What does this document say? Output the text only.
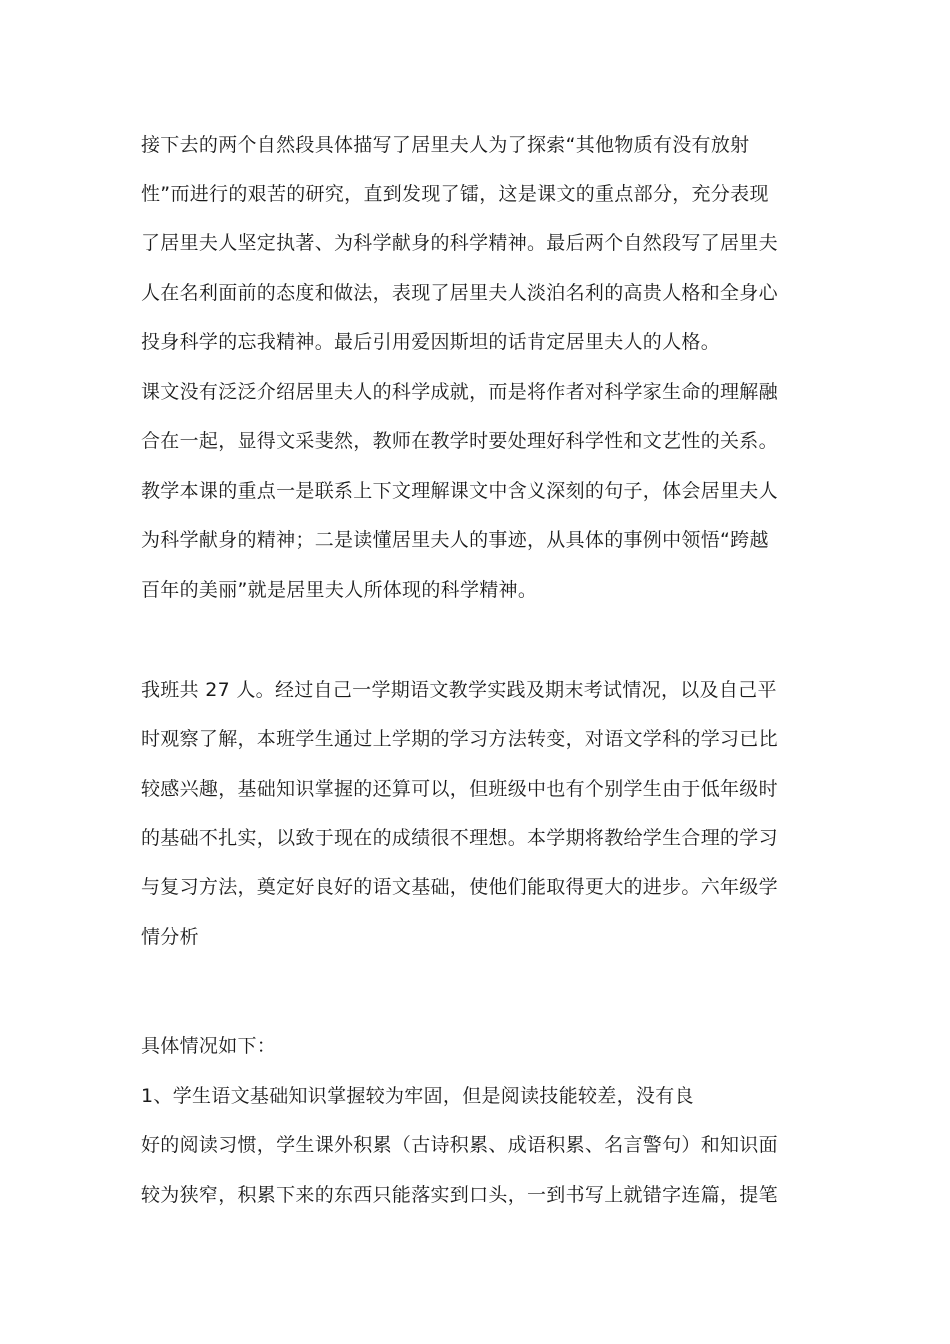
接下去的两个自然段具体描写了居里夫人为了探索“其他物质有没有放射
性”而进行的艰苦的研究，直到发现了镭，这是课文的重点部分，充分表现
了居里夫人坚定执著、为科学献身的科学精神。最后两个自然段写了居里夫
人在名利面前的态度和做法，表现了居里夫人淡泊名利的高贵人格和全身心
投身科学的忘我精神。最后引用爱因斯坦的话肯定居里夫人的人格。
课文没有泛泛介绍居里夫人的科学成就，而是将作者对科学家生命的理解融
合在一起，显得文采斐然，教师在教学时要处理好科学性和文艺性的关系。
教学本课的重点一是联系上下文理解课文中含义深刻的句子，体会居里夫人
为科学献身的精神；二是读懂居里夫人的事迹，从具体的事例中领悟“跨越
百年的美丽”就是居里夫人所体现的科学精神。
我班共 27 人。经过自己一学期语文教学实践及期末考试情况，以及自己平
时观察了解，本班学生通过上学期的学习方法转变，对语文学科的学习已比
较感兴趣，基础知识掌握的还算可以，但班级中也有个别学生由于低年级时
的基础不扎实，以致于现在的成绩很不理想。本学期将教给学生合理的学习
与复习方法，奠定好良好的语文基础，使他们能取得更大的进步。六年级学
情分析
具体情况如下：
1、学生语文基础知识掌握较为牢固，但是阅读技能较差，没有良
好的阅读习惯，学生课外积累（古诗积累、成语积累、名言警句）和知识面
较为狭窄，积累下来的东西只能落实到口头，一到书写上就错字连篇，提笔
